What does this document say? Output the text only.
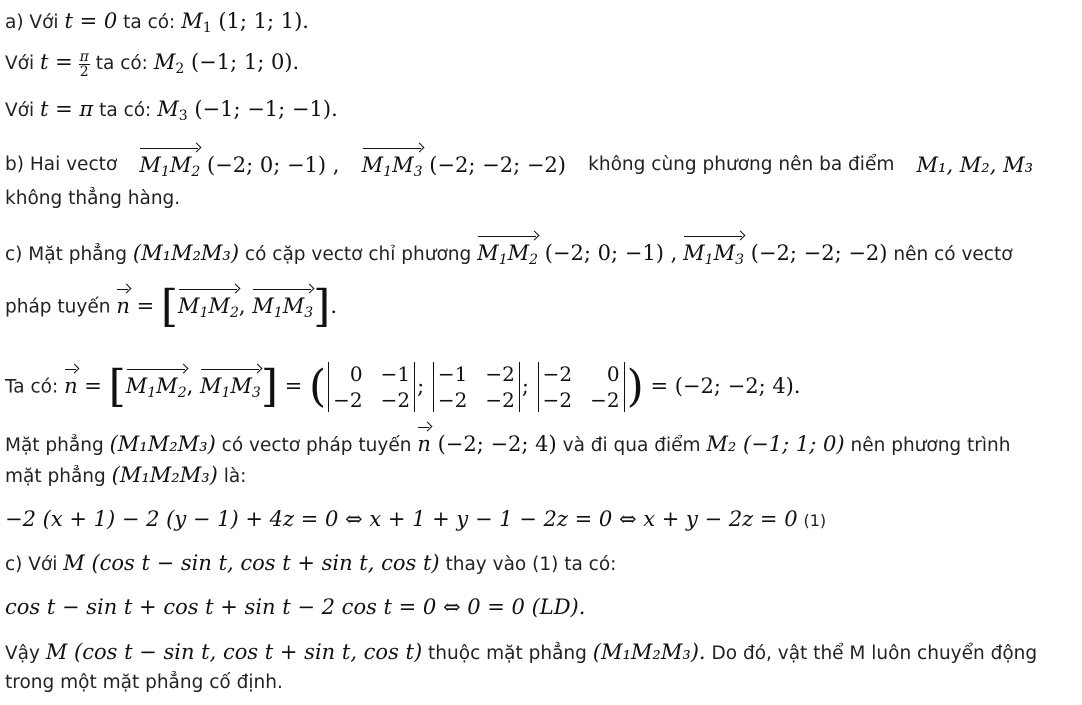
a) Với t = 0 ta có: $M_1$ (1; 1; 1).
Với $t = \frac{\pi}{2}$ ta có: $M_2$ (−1; 1; 0).
Với t = π ta có: $M_3$ (−1; −1; −1).
b) Hai vectơ $M_1M_2$ (−2; 0; −1) , $M_1M_3$ (−2; −2; −2) không cùng phương nên ba điểm M₁, M₂, M₃
không thẳng hàng.
c) Mặt phẳng (M₁M₂M₃) có cặp vectơ chỉ phương $M_1M_2$ (−2; 0; −1) , $M_1M_3$ (−2; −2; −2) nên có vectơ
pháp tuyến $n = [M_1M_2$, $M_1M_3$].
Ta có: $n = [M_1M_2$, $M_1M_3$] = (	0 −1
−2 −2
; −1 −2
−2 −2
; −2	0
−2 −2 ) = (−2; −2; 4).
Mặt phẳng (M₁M₂M₃) có vectơ pháp tuyến n (−2; −2; 4) và đi qua điểm M₂ (−1; 1; 0) nên phương trình
mặt phẳng (M₁M₂M₃) là:
−2 (x + 1) − 2 (y − 1) + 4z = 0 ⇔ x + 1 + y − 1 − 2z = 0 ⇔ x + y − 2z = 0 (1)
c) Với M (cos t − sin t, cos t + sin t, cos t) thay vào (1) ta có:
cos t − sin t + cos t + sin t − 2 cos t = 0 ⇔ 0 = 0 (LD).
Vậy M (cos t − sin t, cos t + sin t, cos t) thuộc mặt phẳng (M₁M₂M₃). Do đó, vật thể M luôn chuyển động
trong một mặt phẳng cố định.
